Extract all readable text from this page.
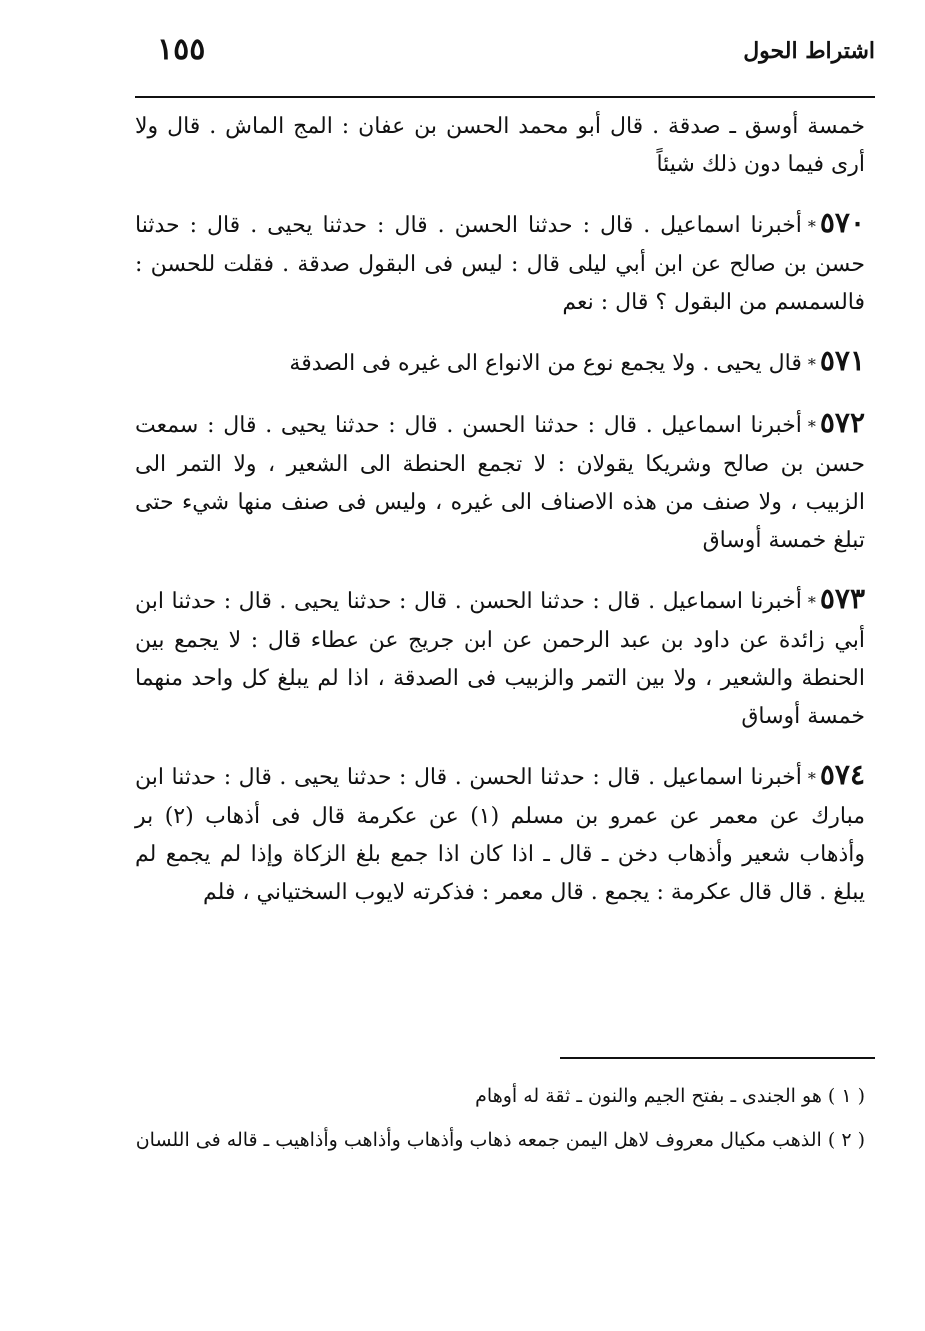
اشتراط الحول
١٥٥

خمسة أوسق ـ صدقة . قال أبو محمد الحسن بن عفان : المج الماش . قال ولا أرى فيما دون ذلك شيئاً

٥٧٠*أخبرنا اسماعيل . قال : حدثنا الحسن . قال : حدثنا يحيى . قال : حدثنا حسن بن صالح عن ابن أبي ليلى قال : ليس فى البقول صدقة . فقلت للحسن : فالسمسم من البقول ؟ قال : نعم

٥٧١*قال يحيى . ولا يجمع نوع من الانواع الى غيره فى الصدقة

٥٧٢*أخبرنا اسماعيل . قال : حدثنا الحسن . قال : حدثنا يحيى . قال : سمعت حسن بن صالح وشريكا يقولان : لا تجمع الحنطة الى الشعير ، ولا التمر الى الزبيب ، ولا صنف من هذه الاصناف الى غيره ، وليس فى صنف منها شيء حتى تبلغ خمسة أوساق

٥٧٣*أخبرنا اسماعيل . قال : حدثنا الحسن . قال : حدثنا يحيى . قال : حدثنا ابن أبي زائدة عن داود بن عبد الرحمن عن ابن جريج عن عطاء قال : لا يجمع بين الحنطة والشعير ، ولا بين التمر والزبيب فى الصدقة ، اذا لم يبلغ كل واحد منهما خمسة أوساق

٥٧٤*أخبرنا اسماعيل . قال : حدثنا الحسن . قال : حدثنا يحيى . قال : حدثنا ابن مبارك عن معمر عن عمرو بن مسلم (١) عن عكرمة قال فى أذهاب (٢) بر وأذهاب شعير وأذهاب دخن ـ قال ـ اذا كان اذا جمع بلغ الزكاة وإذا لم يجمع لم يبلغ . قال قال عكرمة : يجمع . قال معمر : فذكرته لايوب السختياني ، فلم

( ١ ) هو الجندى ـ بفتح الجيم والنون ـ ثقة له أوهام

( ٢ ) الذهب مكيال معروف لاهل اليمن جمعه ذهاب وأذهاب وأذاهب وأذاهيب ـ قاله فى اللسان
